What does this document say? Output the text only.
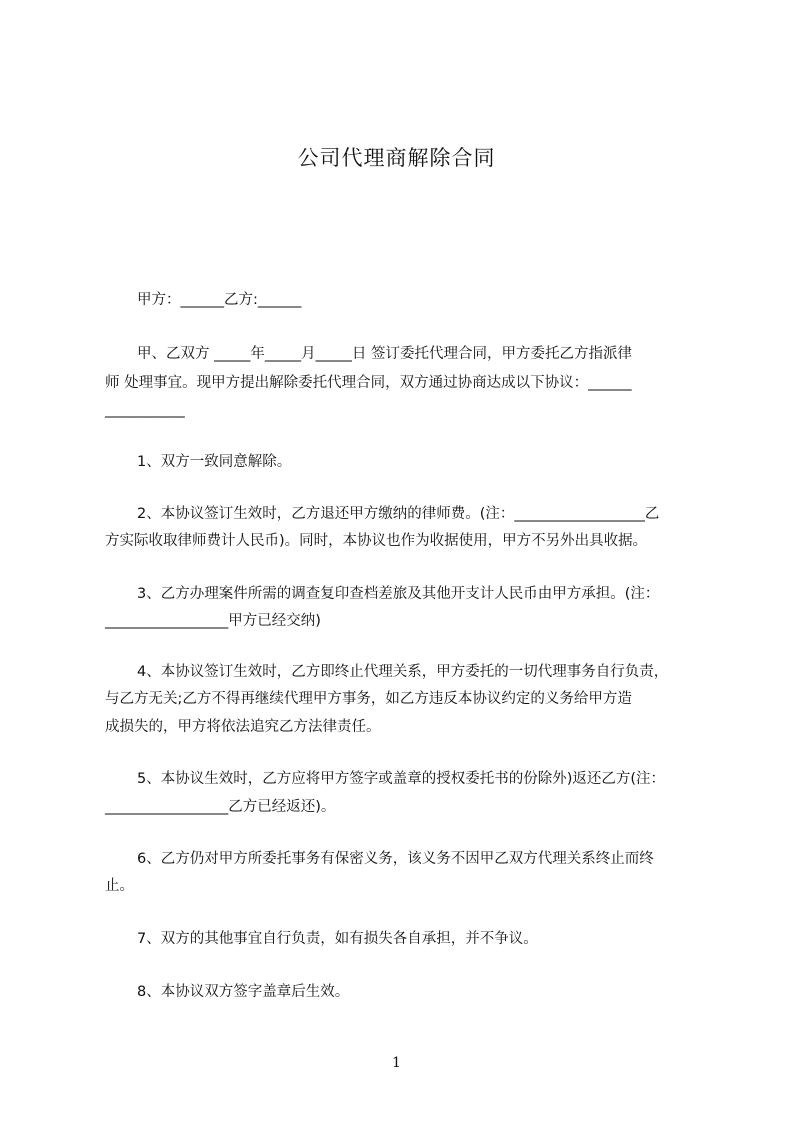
公司代理商解除合同
甲方：______乙方:______
甲、乙双方 _____年_____月_____日 签订委托代理合同，甲方委托乙方指派律
师 处理事宜。现甲方提出解除委托代理合同，双方通过协商达成以下协议：______
___________
1、双方一致同意解除。
2、本协议签订生效时，乙方退还甲方缴纳的律师费。(注：__________________乙
方实际收取律师费计人民币)。同时，本协议也作为收据使用，甲方不另外出具收据。
3、乙方办理案件所需的调查复印查档差旅及其他开支计人民币由甲方承担。(注：
_________________甲方已经交纳)
4、本协议签订生效时，乙方即终止代理关系，甲方委托的一切代理事务自行负责，
与乙方无关;乙方不得再继续代理甲方事务，如乙方违反本协议约定的义务给甲方造
成损失的，甲方将依法追究乙方法律责任。
5、本协议生效时，乙方应将甲方签字或盖章的授权委托书的份除外)返还乙方(注：
_________________乙方已经返还)。
6、乙方仍对甲方所委托事务有保密义务，该义务不因甲乙双方代理关系终止而终
止。
7、双方的其他事宜自行负责，如有损失各自承担，并不争议。
8、本协议双方签字盖章后生效。
1
